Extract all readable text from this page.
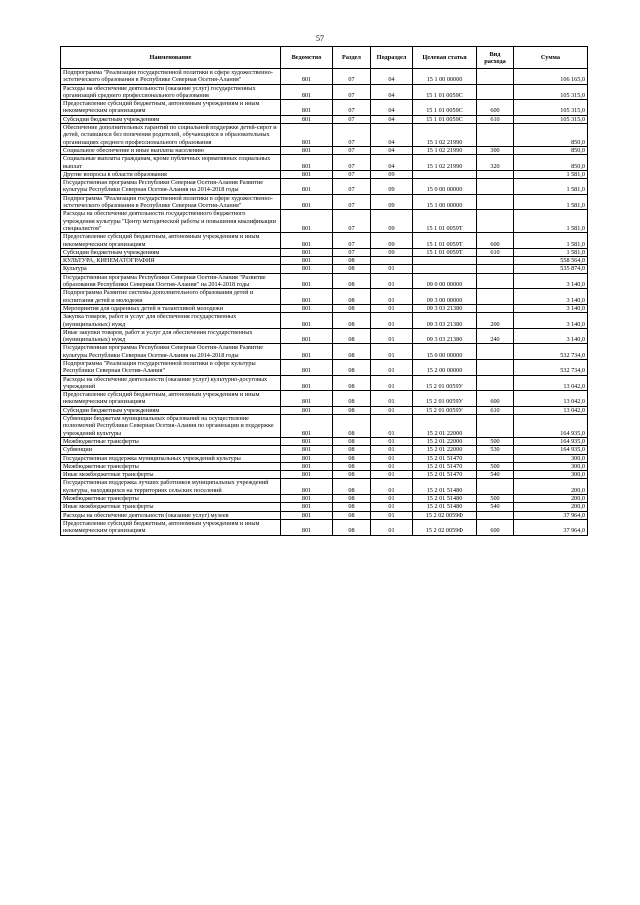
57
Наименование	Ведомство	Раздел	Подраздел	Целевая статья	Вид расхода	Сумма
Подпрограмма "Реализация государственной политики в сфере художественно-эстетического образования в Республике Северная Осетия-Алания"	801	07	04	15 1 00 00000		106 165,0
Расходы на обеспечение деятельности (оказание услуг) государственных организаций среднего профессионального образования	801	07	04	15 1 01 0059С		105 315,0
Предоставление субсидий бюджетным, автономным учреждениям и иным некоммерческим организациям	801	07	04	15 1 01 0059С	600	105 315,0
Субсидии бюджетным учреждениям	801	07	04	15 1 01 0059С	610	105 315,0
Обеспечение дополнительных гарантий по социальной поддержке детей-сирот и детей, оставшихся без попечения родителей, обучающихся в образовательных организациях среднего профессионального образования	801	07	04	15 1 02 21990		850,0
Социальное обеспечение и иные выплаты населению	801	07	04	15 1 02 21990	300	850,0
Социальные выплаты гражданам, кроме публичных нормативных социальных выплат	801	07	04	15 1 02 21990	320	850,0
Другие вопросы в области образования	801	07	09			1 581,0
Государственная программа Республики Северная Осетия-Алания Развитие культуры Республики Северная Осетия-Алания на 2014-2018 годы	801	07	09	15 0 00 00000		1 581,0
Подпрограмма "Реализация государственной политики в сфере художественно-эстетического образования в Республике Северная Осетия-Алания"	801	07	09	15 1 00 00000		1 581,0
Расходы на обеспечение деятельности государственного бюджетного учреждения культуры "Центр методической работы и повышения квалификации специалистов"	801	07	09	15 1 01 0059Т		1 581,0
Предоставление субсидий бюджетным, автономным учреждениям и иным некоммерческим организациям	801	07	09	15 1 01 0059Т	600	1 581,0
Субсидии бюджетным учреждениям	801	07	09	15 1 01 0059Т	610	1 581,0
КУЛЬТУРА, КИНЕМАТОГРАФИЯ	801	08				558 564,0
Культура	801	08	01			535 874,0
Государственная программа Республики Северная Осетия-Алания "Развитие образования Республики Северная Осетия-Алания" на 2014-2018 годы	801	08	01	09 0 00 00000		3 140,0
Подпрограмма Развитие системы дополнительного образования детей и воспитания детей и молодежи	801	08	01	09 3 00 00000		3 140,0
Мероприятия для одаренных детей и талантливой молодежи	801	08	01	09 3 03 21380		3 140,0
Закупка товаров, работ и услуг для обеспечения государственных (муниципальных) нужд	801	08	01	09 3 03 21380	200	3 140,0
Иные закупки товаров, работ и услуг для обеспечения государственных (муниципальных) нужд	801	08	01	09 3 03 21380	240	3 140,0
Государственная программа Республики Северная Осетия-Алания Развитие культуры Республики Северная Осетия-Алания на 2014-2018 годы	801	08	01	15 0 00 00000		532 734,0
Подпрограмма "Реализация государственной политики в сфере культуры Республики Северная Осетия-Алания"	801	08	01	15 2 00 00000		532 734,0
Расходы на обеспечение деятельности (оказание услуг) культурно-досуговых учреждений	801	08	01	15 2 01 0059У		13 042,0
Предоставление субсидий бюджетным, автономным учреждениям и иным некоммерческим организациям	801	08	01	15 2 01 0059У	600	13 042,0
Субсидии бюджетным учреждениям	801	08	01	15 2 01 0059У	610	13 042,0
Субвенции бюджетам муниципальных образований на осуществление полномочий Республики Северная Осетия-Алания по организации и поддержке учреждений культуры	801	08	01	15 2 01 22000		164 935,0
Межбюджетные трансферты	801	08	01	15 2 01 22000	500	164 935,0
Субвенции	801	08	01	15 2 01 22000	530	164 935,0
Государственная поддержка муниципальных учреждений культуры	801	08	01	15 2 01 51470		300,0
Межбюджетные трансферты	801	08	01	15 2 01 51470	500	300,0
Иные межбюджетные трансферты	801	08	01	15 2 01 51470	540	300,0
Государственная поддержка лучших работников муниципальных учреждений культуры, находящихся на территориях сельских поселений	801	08	01	15 2 01 51480		200,0
Межбюджетные трансферты	801	08	01	15 2 01 51480	500	200,0
Иные межбюджетные трансферты	801	08	01	15 2 01 51480	540	200,0
Расходы на обеспечение деятельности (оказание услуг) музеев	801	08	01	15 2 02 0059Ф		37 964,0
Предоставление субсидий бюджетным, автономным учреждениям и иным некоммерческим организациям	801	08	01	15 2 02 0059Ф	600	37 964,0
